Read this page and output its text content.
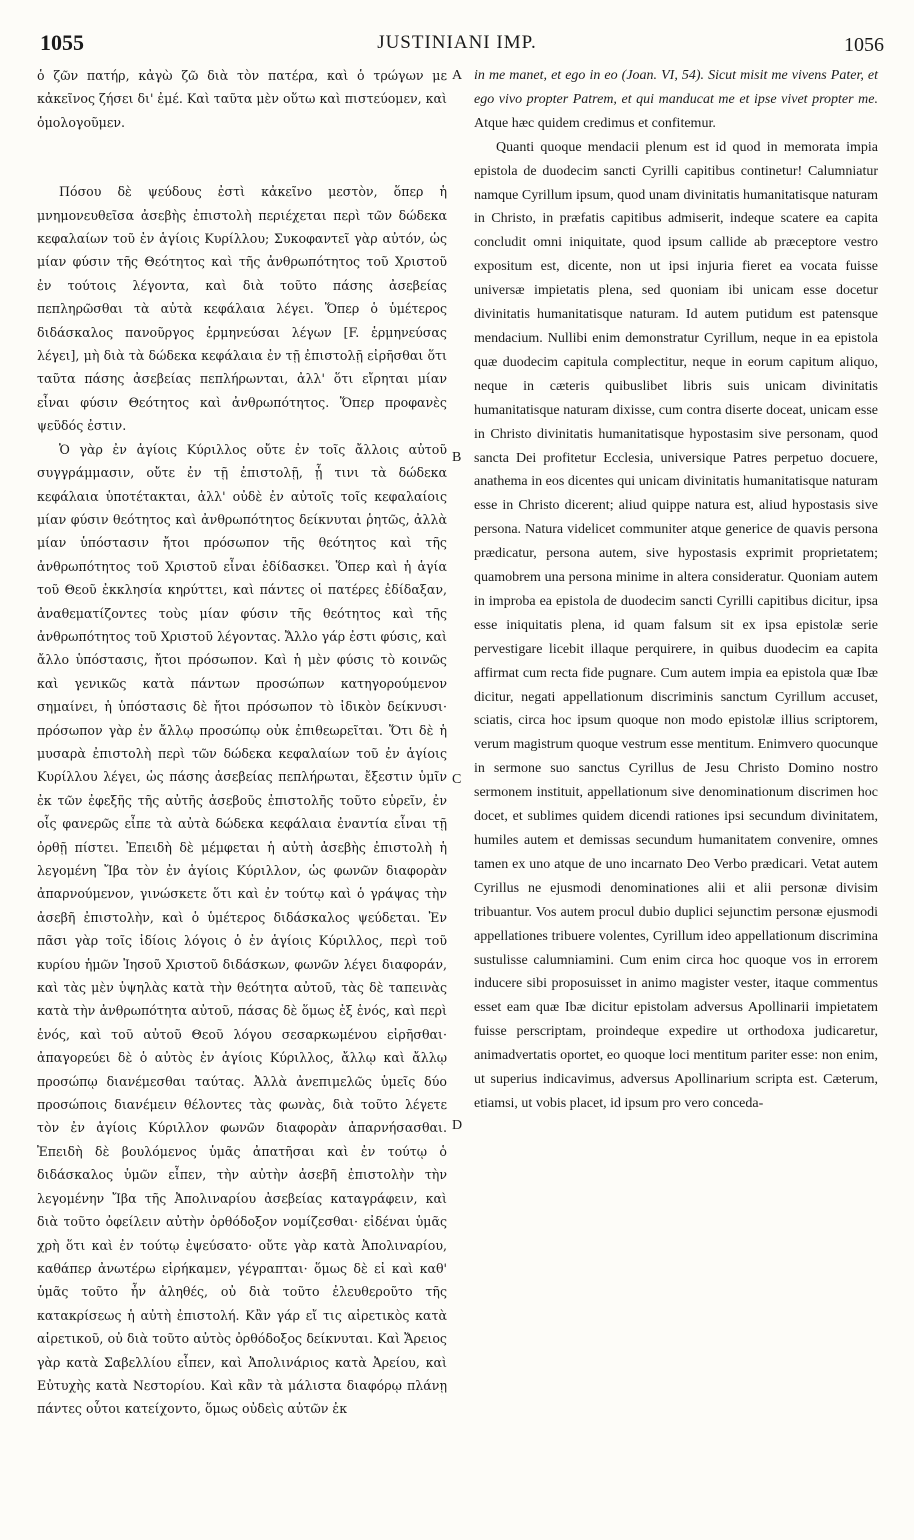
1055	JUSTINIANI IMP.	1056

ὁ ζῶν πατήρ, κἀγὼ ζῶ διὰ τὸν πατέρα, καὶ ὁ τρώγων με κἀκεῖνος ζήσει δι' ἐμέ. Καὶ ταῦτα μὲν οὕτω καὶ πιστεύομεν, καὶ ὁμολογοῦμεν.

Πόσου δὲ ψεύδους ἐστὶ κἀκεῖνο μεστὸν, ὅπερ ἡ μνημονευθεῖσα ἀσεβὴς ἐπιστολὴ περιέχεται περὶ τῶν δώδεκα κεφαλαίων τοῦ ἐν ἁγίοις Κυρίλλου; Συκοφαντεῖ γὰρ αὐτόν, ὡς μίαν φύσιν τῆς Θεότητος καὶ τῆς ἀνθρωπότητος τοῦ Χριστοῦ ἐν τούτοις λέγοντα, καὶ διὰ τοῦτο πάσης ἀσεβείας πεπληρῶσθαι τὰ αὐτὰ κεφάλαια λέγει. Ὅπερ ὁ ὑμέτερος διδάσκαλος πανοῦργος ἑρμηνεύσαι λέγων [F. ἑρμηνεύσας λέγει], μὴ διὰ τὰ δώδεκα κεφάλαια ἐν τῇ ἐπιστολῇ εἰρῆσθαι ὅτι ταῦτα πάσης ἀσεβείας πεπλήρωνται, ἀλλ' ὅτι εἴρηται μίαν εἶναι φύσιν Θεότητος καὶ ἀνθρωπότητος. Ὅπερ προφανὲς ψεῦδός ἐστιν.

Ὁ γὰρ ἐν ἁγίοις Κύριλλος οὔτε ἐν τοῖς ἄλλοις αὐτοῦ συγγράμμασιν, οὔτε ἐν τῇ ἐπιστολῇ, ᾗ τινι τὰ δώδεκα κεφάλαια ὑποτέτακται, ἀλλ' οὐδὲ ἐν αὐτοῖς τοῖς κεφαλαίοις μίαν φύσιν θεότητος καὶ ἀνθρωπότητος δείκνυται ῥητῶς, ἀλλὰ μίαν ὑπόστασιν ἤτοι πρόσωπον τῆς θεότητος καὶ τῆς ἀνθρωπότητος τοῦ Χριστοῦ εἶναι ἐδίδασκει. Ὅπερ καὶ ἡ ἁγία τοῦ Θεοῦ ἐκκλησία κηρύττει, καὶ πάντες οἱ πατέρες ἐδίδαξαν, ἀναθεματίζοντες τοὺς μίαν φύσιν τῆς θεότητος καὶ τῆς ἀνθρωπότητος τοῦ Χριστοῦ λέγοντας. Ἄλλο γάρ ἐστι φύσις, καὶ ἄλλο ὑπόστασις, ἤτοι πρόσωπον. Καὶ ἡ μὲν φύσις τὸ κοινῶς καὶ γενικῶς κατὰ πάντων προσώπων κατηγορούμενον σημαίνει, ἡ ὑπόστασις δὲ ἤτοι πρόσωπον τὸ ἰδικὸν δείκνυσι· πρόσωπον γὰρ ἐν ἄλλῳ προσώπῳ οὐκ ἐπιθεωρεῖται. Ὅτι δὲ ἡ μυσαρὰ ἐπιστολὴ περὶ τῶν δώδεκα κεφαλαίων τοῦ ἐν ἁγίοις Κυρίλλου λέγει, ὡς πάσης ἀσεβείας πεπλήρωται, ἔξεστιν ὑμῖν ἐκ τῶν ἐφεξῆς τῆς αὐτῆς ἀσεβοῦς ἐπιστολῆς τοῦτο εὑρεῖν, ἐν οἷς φανερῶς εἶπε τὰ αὐτὰ δώδεκα κεφάλαια ἐναντία εἶναι τῇ ὀρθῇ πίστει. Ἐπειδὴ δὲ μέμφεται ἡ αὐτὴ ἀσεβὴς ἐπιστολὴ ἡ λεγομένη Ἴβα τὸν ἐν ἁγίοις Κύριλλον, ὡς φωνῶν διαφορὰν ἀπαρνούμενον, γινώσκετε ὅτι καὶ ἐν τούτῳ καὶ ὁ γράψας τὴν ἀσεβῆ ἐπιστολὴν, καὶ ὁ ὑμέτερος διδάσκαλος ψεύδεται. Ἐν πᾶσι γὰρ τοῖς ἰδίοις λόγοις ὁ ἐν ἁγίοις Κύριλλος, περὶ τοῦ κυρίου ἡμῶν Ἰησοῦ Χριστοῦ διδάσκων, φωνῶν λέγει διαφοράν, καὶ τὰς μὲν ὑψηλὰς κατὰ τὴν θεότητα αὐτοῦ, τὰς δὲ ταπεινὰς κατὰ τὴν ἀνθρωπότητα αὐτοῦ, πάσας δὲ ὅμως ἐξ ἑνός, καὶ περὶ ἑνός, καὶ τοῦ αὐτοῦ Θεοῦ λόγου σεσαρκωμένου εἰρῆσθαι· ἀπαγορεύει δὲ ὁ αὐτὸς ἐν ἁγίοις Κύριλλος, ἄλλῳ καὶ ἄλλῳ προσώπῳ διανέμεσθαι ταύτας. Ἀλλὰ ἀνεπιμελῶς ὑμεῖς δύο προσώποις διανέμειν θέλοντες τὰς φωνὰς, διὰ τοῦτο λέγετε τὸν ἐν ἁγίοις Κύριλλον φωνῶν διαφορὰν ἀπαρνήσασθαι. Ἐπειδὴ δὲ βουλόμενος ὑμᾶς ἀπατῆσαι καὶ ἐν τούτῳ ὁ διδάσκαλος ὑμῶν εἶπεν, τὴν αὐτὴν ἀσεβῆ ἐπιστολὴν τὴν λεγομένην Ἴβα τῆς Ἀπολιναρίου ἀσεβείας καταγράφειν, καὶ διὰ τοῦτο ὀφείλειν αὐτὴν ὀρθόδοξον νομίζεσθαι· εἰδέναι ὑμᾶς χρὴ ὅτι καὶ ἐν τούτῳ ἐψεύσατο· οὔτε γὰρ κατὰ Ἀπολιναρίου, καθάπερ ἀνωτέρω εἰρήκαμεν, γέγραπται· ὅμως δὲ εἰ καὶ καθ' ὑμᾶς τοῦτο ἦν ἀληθές, οὐ διὰ τοῦτο ἐλευθεροῦτο τῆς κατακρίσεως ἡ αὐτὴ ἐπιστολή. Κἂν γάρ εἴ τις αἱρετικὸς κατὰ αἱρετικοῦ, οὐ διὰ τοῦτο αὐτὸς ὀρθόδοξος δείκνυται. Καὶ Ἄρειος γὰρ κατὰ Σαβελλίου εἶπεν, καὶ Ἀπολινάριος κατὰ Ἀρείου, καὶ Εὐτυχὴς κατὰ Νεστορίου. Καὶ κἂν τὰ μάλιστα διαφόρῳ πλάνῃ πάντες οὗτοι κατείχοντο, ὅμως οὐδεὶς αὐτῶν ἐκ

A
B
C
D

in me manet, et ego in eo (Joan. VI, 54). Sicut misit me vivens Pater, et ego vivo propter Patrem, et qui manducat me et ipse vivet propter me. Atque hæc quidem credimus et confitemur.

Quanti quoque mendacii plenum est id quod in memorata impia epistola de duodecim sancti Cyrilli capitibus continetur! Calumniatur namque Cyrillum ipsum, quod unam divinitatis humanitatisque naturam in Christo, in præfatis capitibus admiserit, indeque scatere ea capita concludit omni iniquitate, quod ipsum callide ab præceptore vestro expositum est, dicente, non ut ipsi injuria fieret ea vocata fuisse universæ impietatis plena, sed quoniam ibi unicam esse docetur divinitatis humanitatisque naturam. Id autem putidum est patensque mendacium. Nullibi enim demonstratur Cyrillum, neque in ea epistola quæ duodecim capitula complectitur, neque in eorum capitum aliquo, neque in cæteris quibuslibet libris suis unicam divinitatis humanitatisque naturam dixisse, cum contra diserte doceat, unicam esse in Christo divinitatis humanitatisque hypostasim sive personam, quod sancta Dei profitetur Ecclesia, universique Patres perpetuo docuere, anathema in eos dicentes qui unicam divinitatis humanitatisque naturam esse in Christo dicerent; aliud quippe natura est, aliud hypostasis sive persona. Natura videlicet communiter atque generice de quavis persona prædicatur, persona autem, sive hypostasis exprimit proprietatem; quamobrem una persona minime in altera consideratur. Quoniam autem in improba ea epistola de duodecim sancti Cyrilli capitibus dicitur, ipsa esse iniquitatis plena, id quam falsum sit ex ipsa epistolæ serie pervestigare licebit illaque perquirere, in quibus duodecim ea capita affirmat cum recta fide pugnare. Cum autem impia ea epistola quæ Ibæ dicitur, negati appellationum discriminis sanctum Cyrillum accuset, sciatis, circa hoc ipsum quoque non modo epistolæ illius scriptorem, verum magistrum quoque vestrum esse mentitum. Enimvero quocunque in sermone suo sanctus Cyrillus de Jesu Christo Domino nostro sermonem instituit, appellationum sive denominationum discrimen hoc docet, et sublimes quidem dicendi rationes ipsi secundum divinitatem, humiles autem et demissas secundum humanitatem convenire, omnes tamen ex uno atque de uno incarnato Deo Verbo prædicari. Vetat autem Cyrillus ne ejusmodi denominationes alii et alii personæ divisim tribuantur. Vos autem procul dubio duplici sejunctim personæ ejusmodi appellationes tribuere volentes, Cyrillum ideo appellationum discrimina sustulisse calumniamini. Cum enim circa hoc quoque vos in errorem inducere sibi proposuisset in animo magister vester, itaque commentus esset eam quæ Ibæ dicitur epistolam adversus Apollinarii impietatem fuisse perscriptam, proindeque expedire ut orthodoxa judicaretur, animadvertatis oportet, eo quoque loci mentitum pariter esse: non enim, ut superius indicavimus, adversus Apollinarium scripta est. Cæterum, etiamsi, ut vobis placet, id ipsum pro vero conceda-
